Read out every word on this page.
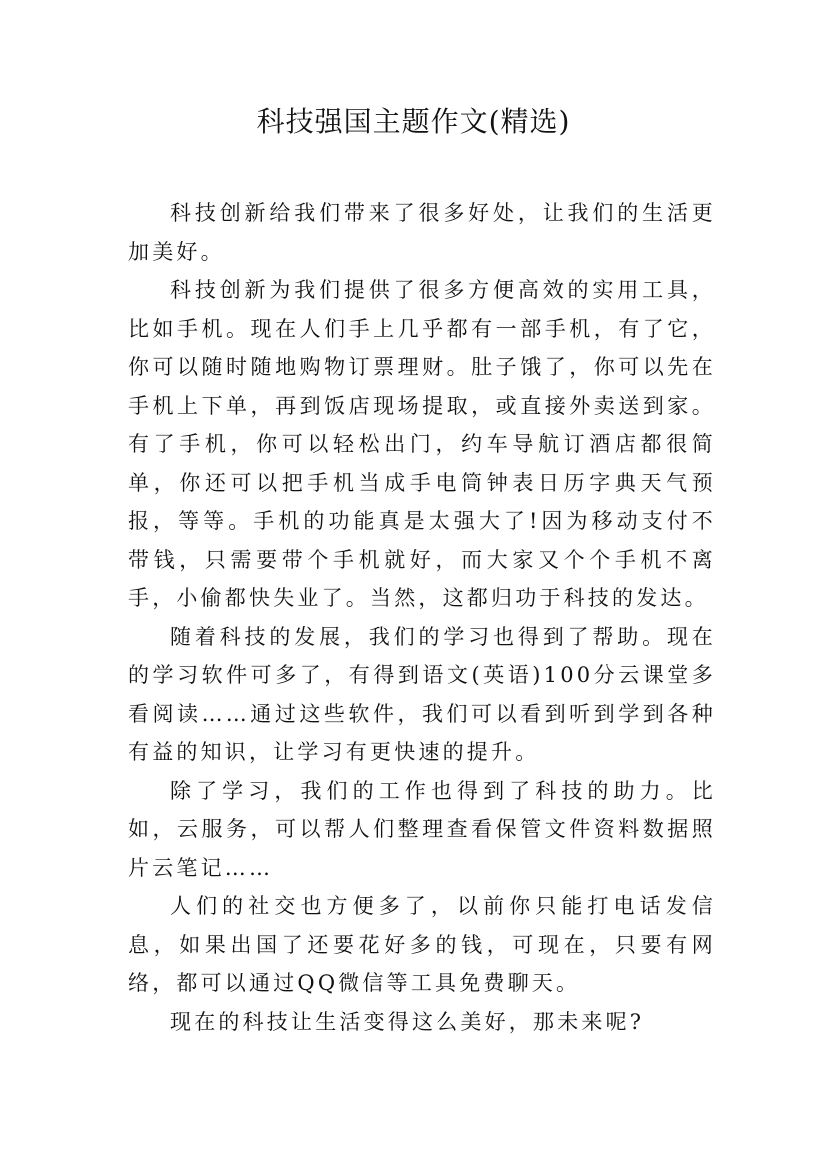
科技强国主题作文(精选)

科技创新给我们带来了很多好处，让我们的生活更加美好。

科技创新为我们提供了很多方便高效的实用工具，比如手机。现在人们手上几乎都有一部手机，有了它，你可以随时随地购物订票理财。肚子饿了，你可以先在手机上下单，再到饭店现场提取，或直接外卖送到家。有了手机，你可以轻松出门，约车导航订酒店都很简单，你还可以把手机当成手电筒钟表日历字典天气预报，等等。手机的功能真是太强大了!因为移动支付不带钱，只需要带个手机就好，而大家又个个手机不离手，小偷都快失业了。当然，这都归功于科技的发达。

随着科技的发展，我们的学习也得到了帮助。现在的学习软件可多了，有得到语文(英语)100分云课堂多看阅读……通过这些软件，我们可以看到听到学到各种有益的知识，让学习有更快速的提升。

除了学习，我们的工作也得到了科技的助力。比如，云服务，可以帮人们整理查看保管文件资料数据照片云笔记……

人们的社交也方便多了，以前你只能打电话发信息，如果出国了还要花好多的钱，可现在，只要有网络，都可以通过QQ微信等工具免费聊天。

现在的科技让生活变得这么美好，那未来呢?
